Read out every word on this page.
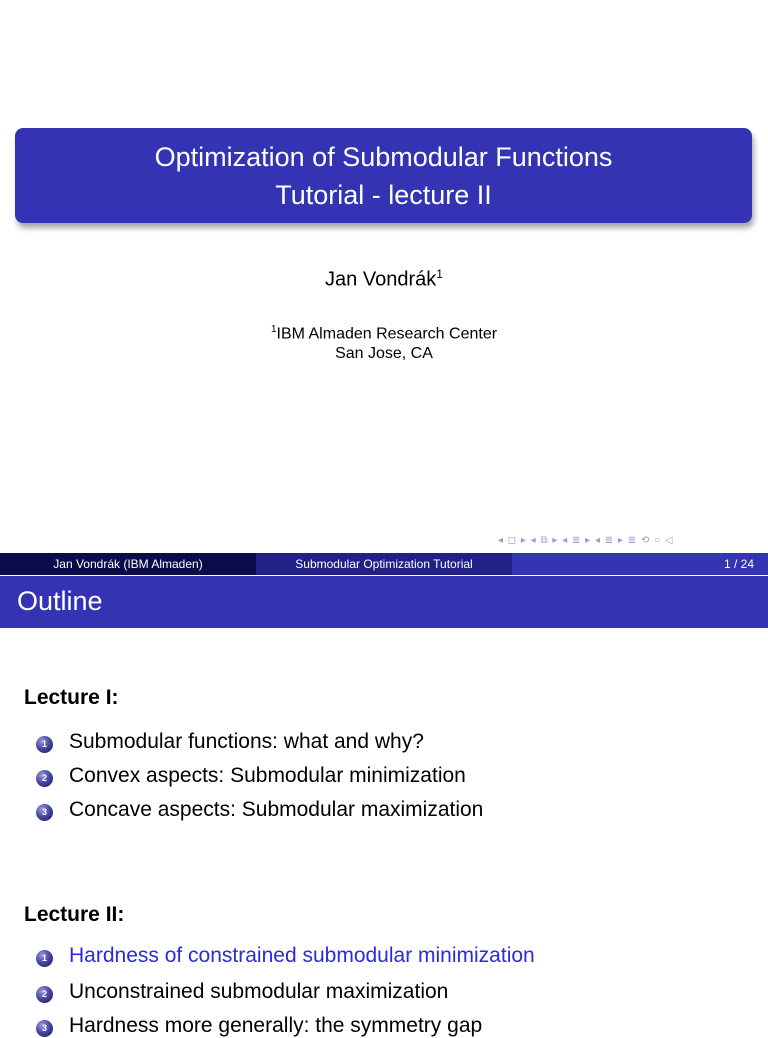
Optimization of Submodular Functions
Tutorial - lecture II
Jan Vondrák$^1$
$^1$IBM Almaden Research Center
San Jose, CA
◂ ◻ ▸ ◂ ⧉ ▸ ◂ ≣ ▸ ◂ ≣ ▸ ≣ ⟲ ○ ◁
Jan Vondrák (IBM Almaden)	Submodular Optimization Tutorial	1 / 24
Outline
Lecture I:
1 Submodular functions: what and why?
2 Convex aspects: Submodular minimization
3 Concave aspects: Submodular maximization
Lecture II:
1 Hardness of constrained submodular minimization
2 Unconstrained submodular maximization
3 Hardness more generally: the symmetry gap
